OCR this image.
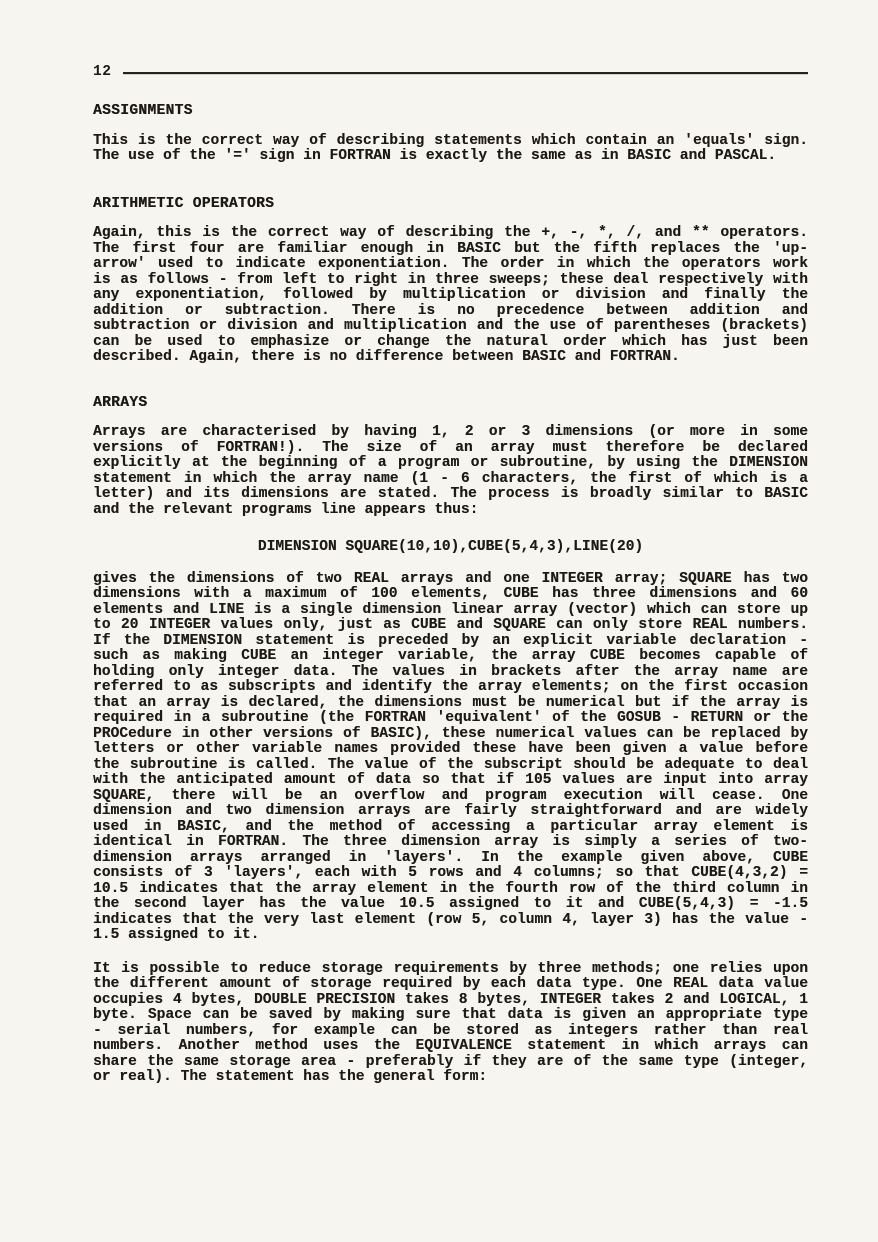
12
ASSIGNMENTS
This is the correct way of describing statements which contain an 'equals' sign.
The use of the '=' sign in FORTRAN is exactly the same as in BASIC and PASCAL.
ARITHMETIC OPERATORS
Again, this is the correct way of describing the +, -, *, /, and ** operators.
The first four are familiar enough in BASIC but the fifth replaces the 'up-
arrow' used to indicate exponentiation. The order in which the operators work
is as follows - from left to right in three sweeps; these deal respectively with
any exponentiation, followed by multiplication or division and finally the
addition or subtraction. There is no precedence between addition and
subtraction or division and multiplication and the use of parentheses (brackets)
can be used to emphasize or change the natural order which has just been
described. Again, there is no difference between BASIC and FORTRAN.
ARRAYS
Arrays are characterised by having 1, 2 or 3 dimensions (or more in some
versions of FORTRAN!). The size of an array must therefore be declared
explicitly at the beginning of a program or subroutine, by using the DIMENSION
statement in which the array name (1 - 6 characters, the first of which is a
letter) and its dimensions are stated. The process is broadly similar to BASIC
and the relevant programs line appears thus:
DIMENSION SQUARE(10,10),CUBE(5,4,3),LINE(20)
gives the dimensions of two REAL arrays and one INTEGER array; SQUARE has two
dimensions with a maximum of 100 elements, CUBE has three dimensions and 60
elements and LINE is a single dimension linear array (vector) which can store up
to 20 INTEGER values only, just as CUBE and SQUARE can only store REAL numbers.
If the DIMENSION statement is preceded by an explicit variable declaration -
such as making CUBE an integer variable, the array CUBE becomes capable of
holding only integer data. The values in brackets after the array name are
referred to as subscripts and identify the array elements; on the first occasion
that an array is declared, the dimensions must be numerical but if the array is
required in a subroutine (the FORTRAN 'equivalent' of the GOSUB - RETURN or the
PROCedure in other versions of BASIC), these numerical values can be replaced by
letters or other variable names provided these have been given a value before
the subroutine is called. The value of the subscript should be adequate to deal
with the anticipated amount of data so that if 105 values are input into array
SQUARE, there will be an overflow and program execution will cease. One
dimension and two dimension arrays are fairly straightforward and are widely
used in BASIC, and the method of accessing a particular array element is
identical in FORTRAN. The three dimension array is simply a series of two-
dimension arrays arranged in 'layers'. In the example given above, CUBE
consists of 3 'layers', each with 5 rows and 4 columns; so that CUBE(4,3,2) =
10.5 indicates that the array element in the fourth row of the third column in
the second layer has the value 10.5 assigned to it and CUBE(5,4,3) = -1.5
indicates that the very last element (row 5, column 4, layer 3) has the value -
1.5 assigned to it.
It is possible to reduce storage requirements by three methods; one relies upon
the different amount of storage required by each data type. One REAL data value
occupies 4 bytes, DOUBLE PRECISION takes 8 bytes, INTEGER takes 2 and LOGICAL, 1
byte. Space can be saved by making sure that data is given an appropriate type
- serial numbers, for example can be stored as integers rather than real
numbers. Another method uses the EQUIVALENCE statement in which arrays can
share the same storage area - preferably if they are of the same type (integer,
or real). The statement has the general form:
